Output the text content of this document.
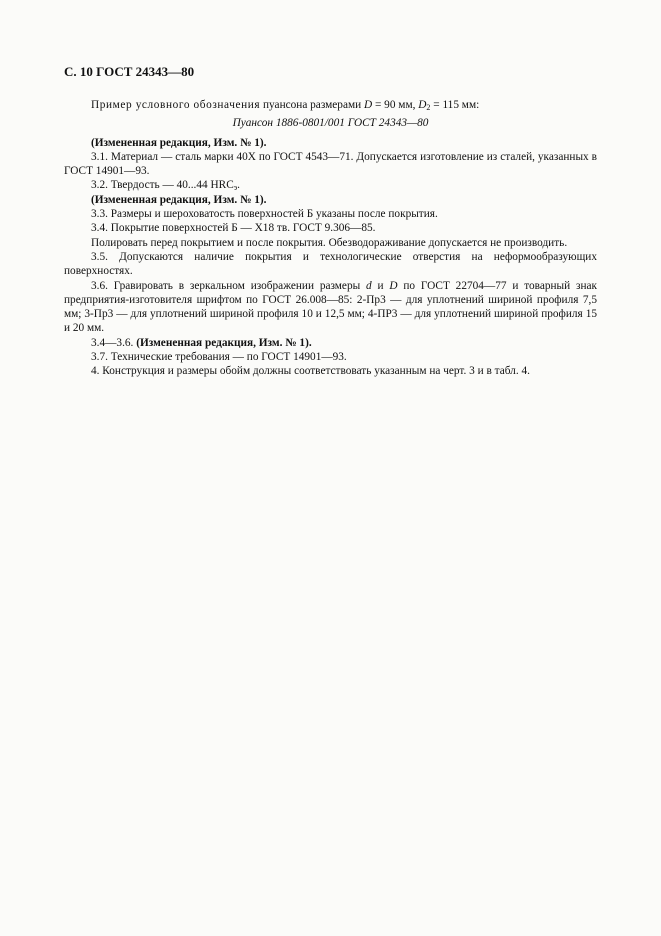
С. 10 ГОСТ 24343—80

Пример условного обозначения пуансона размерами D = 90 мм, $D_2 = 115$ мм:

Пуансон 1886-0801/001 ГОСТ 24343—80

(Измененная редакция, Изм. № 1).

3.1. Материал — сталь марки 40Х по ГОСТ 4543—71. Допускается изготовление из сталей, указанных в ГОСТ 14901—93.

3.2. Твердость — 40...44 $HRC_э$.

(Измененная редакция, Изм. № 1).

3.3. Размеры и шероховатость поверхностей Б указаны после покрытия.

3.4. Покрытие поверхностей Б — Х18 тв. ГОСТ 9.306—85.

Полировать перед покрытием и после покрытия. Обезводораживание допускается не производить.

3.5. Допускаются наличие покрытия и технологические отверстия на неформообразующих поверхностях.

3.6. Гравировать в зеркальном изображении размеры d и D по ГОСТ 22704—77 и товарный знак предприятия-изготовителя шрифтом по ГОСТ 26.008—85: 2-Пр3 — для уплотнений шириной профиля 7,5 мм; 3-Пр3 — для уплотнений шириной профиля 10 и 12,5 мм; 4-ПР3 — для уплотнений шириной профиля 15 и 20 мм.

3.4—3.6. (Измененная редакция, Изм. № 1).

3.7. Технические требования — по ГОСТ 14901—93.

4. Конструкция и размеры обойм должны соответствовать указанным на черт. 3 и в табл. 4.
